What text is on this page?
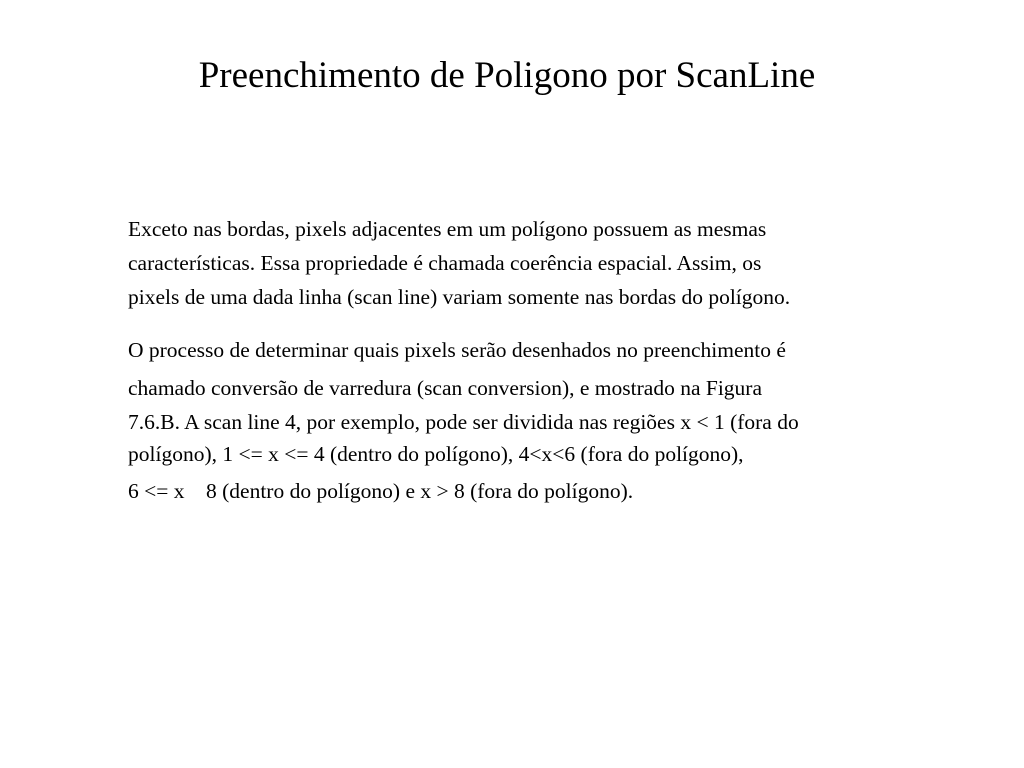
Preenchimento de Poligono por ScanLine

Exceto nas bordas, pixels adjacentes em um polígono possuem as mesmas
características. Essa propriedade é chamada coerência espacial. Assim, os
pixels de uma dada linha (scan line) variam somente nas bordas do polígono.

O processo de determinar quais pixels serão desenhados no preenchimento é
chamado conversão de varredura (scan conversion), e mostrado na Figura
7.6.B. A scan line 4, por exemplo, pode ser dividida nas regiões x < 1 (fora do
polígono), 1 <= x <= 4 (dentro do polígono), 4<x<6 (fora do polígono),
6 <= x    8 (dentro do polígono) e x > 8 (fora do polígono).
